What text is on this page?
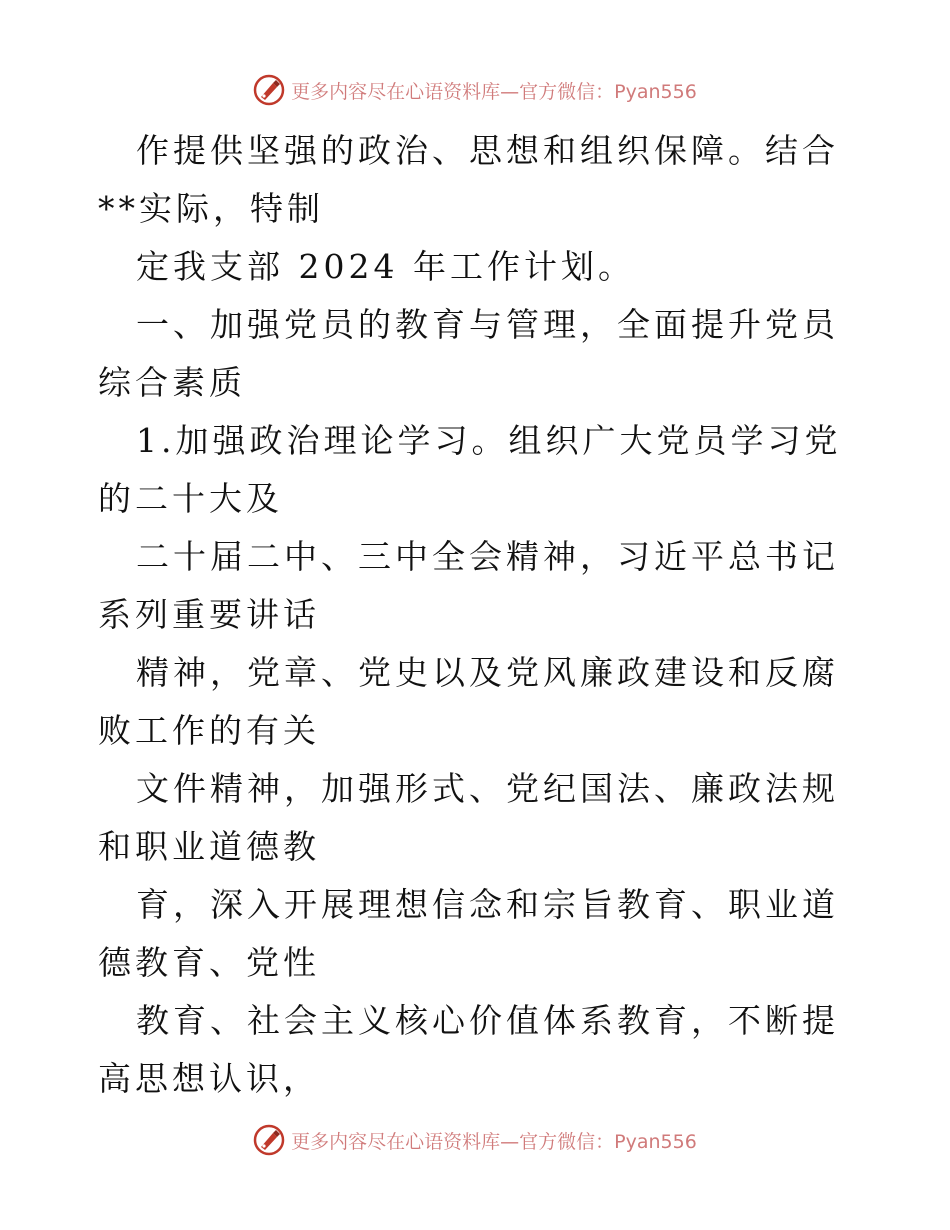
更多内容尽在心语资料库—官方微信：Pyan556

作提供坚强的政治、思想和组织保障。结合**实际，特制

定我支部 2024 年工作计划。

一、加强党员的教育与管理，全面提升党员综合素质

1.加强政治理论学习。组织广大党员学习党的二十大及

二十届二中、三中全会精神，习近平总书记系列重要讲话

精神，党章、党史以及党风廉政建设和反腐败工作的有关

文件精神，加强形式、党纪国法、廉政法规和职业道德教

育，深入开展理想信念和宗旨教育、职业道德教育、党性

教育、社会主义核心价值体系教育，不断提高思想认识，

更多内容尽在心语资料库—官方微信：Pyan556
